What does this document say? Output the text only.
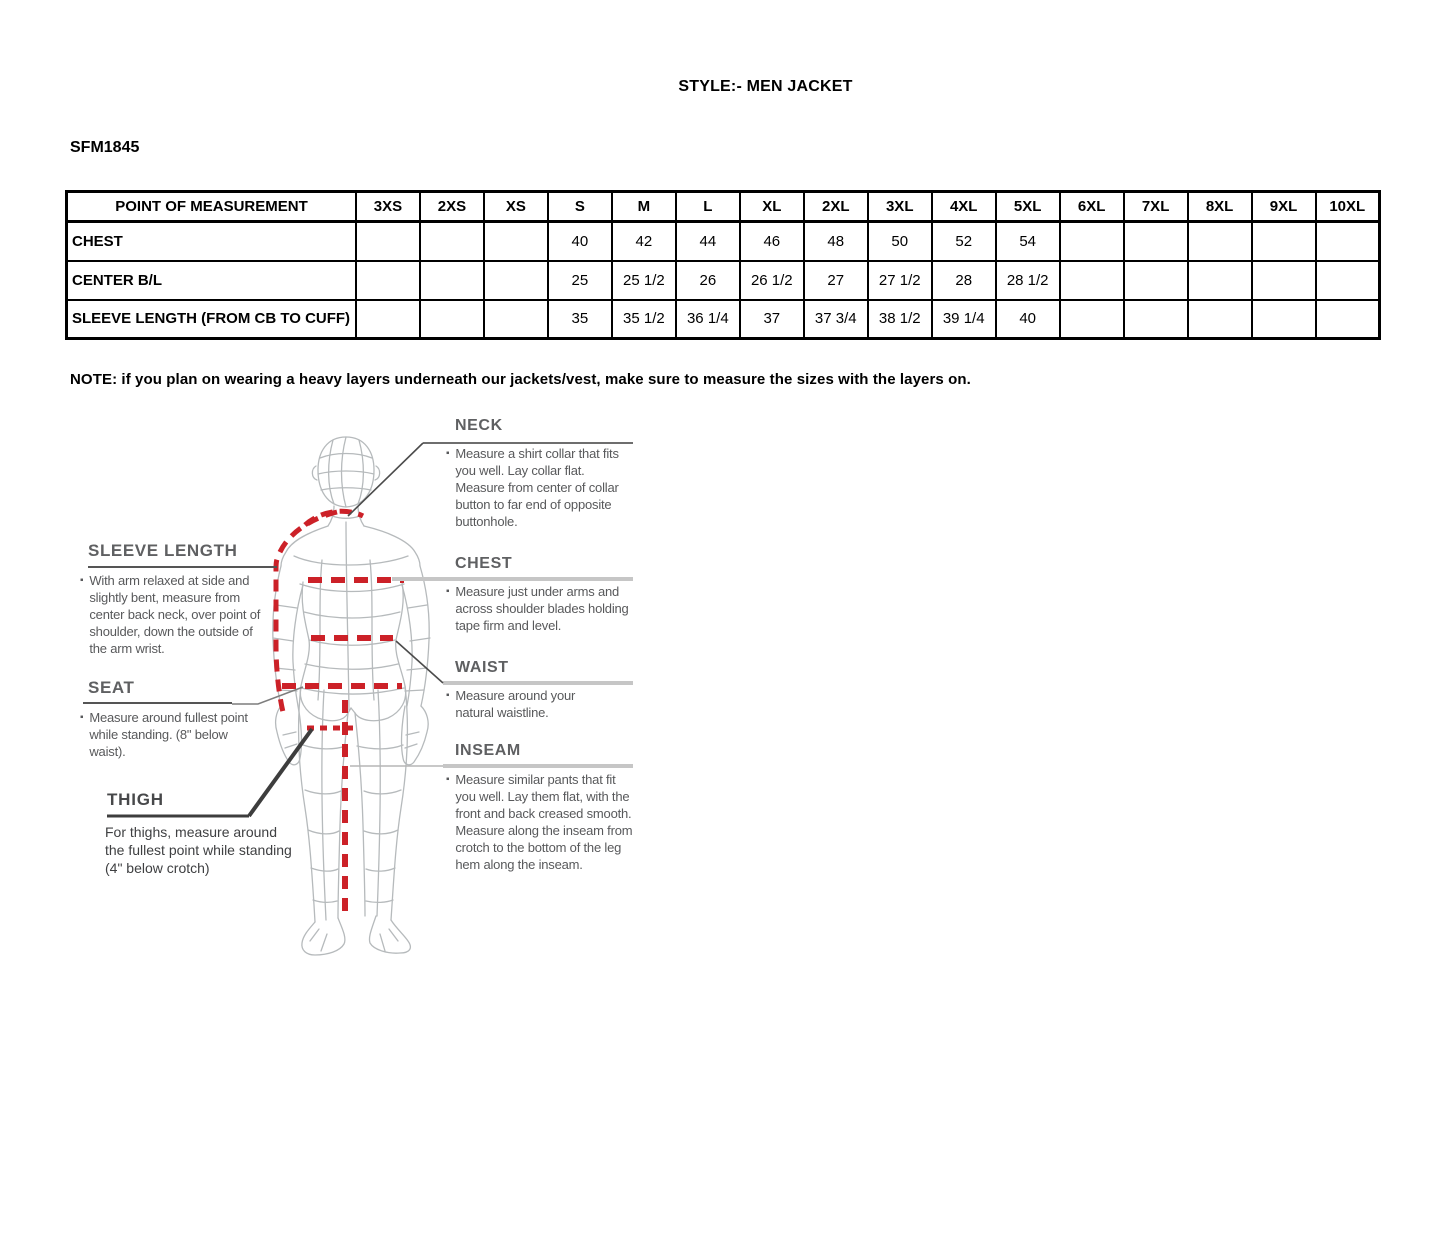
STYLE:- MEN JACKET
SFM1845
POINT OF MEASUREMENT	3XS	2XS	XS	S	M	L	XL	2XL	3XL	4XL	5XL	6XL	7XL	8XL	9XL	10XL
CHEST				40	42	44	46	48	50	52	54					
CENTER B/L				25	25 1/2	26	26 1/2	27	27 1/2	28	28 1/2					
SLEEVE LENGTH (FROM CB TO CUFF)				35	35 1/2	36 1/4	37	37 3/4	38 1/2	39 1/4	40					
NOTE: if you plan on wearing a heavy layers underneath our jackets/vest, make sure to measure the sizes with the layers on.
NECK
▪ Measure a shirt collar that fits you well. Lay collar flat. Measure from center of collar button to far end of opposite buttonhole.
CHEST
▪ Measure just under arms and across shoulder blades holding tape firm and level.
WAIST
▪ Measure around your natural waistline.
INSEAM
▪ Measure similar pants that fit you well. Lay them flat, with the front and back creased smooth. Measure along the inseam from crotch to the bottom of the leg hem along the inseam.
SLEEVE LENGTH
▪ With arm relaxed at side and slightly bent, measure from center back neck, over point of shoulder, down the outside of the arm wrist.
SEAT
▪ Measure around fullest point while standing. (8" below waist).
THIGH
For thighs, measure around the fullest point while standing (4" below crotch)
